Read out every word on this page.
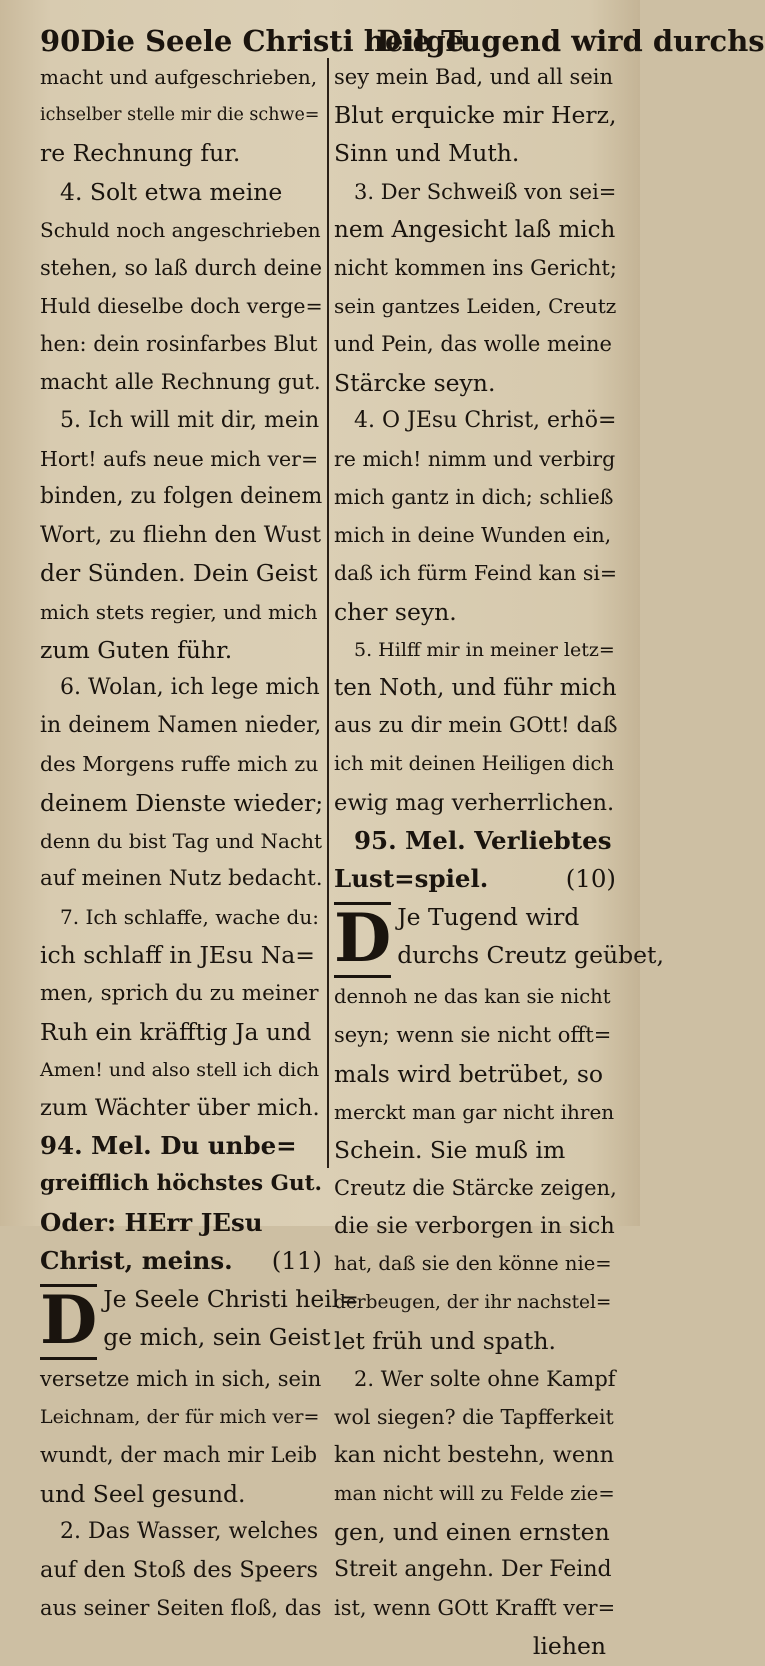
90 Die Seele Christi heilge
Die Tugend wird durchs
macht und aufgeschrieben,
ichselber stelle mir die schwe=
re Rechnung fur.
4. Solt etwa meine
Schuld noch angeschrieben
stehen, so laß durch deine
Huld dieselbe doch verge=
hen: dein rosinfarbes Blut
macht alle Rechnung gut.
5. Ich will mit dir, mein
Hort! aufs neue mich ver=
binden, zu folgen deinem
Wort, zu fliehn den Wust
der Sünden. Dein Geist
mich stets regier, und mich
zum Guten führ.
6. Wolan, ich lege mich
in deinem Namen nieder,
des Morgens ruffe mich zu
deinem Dienste wieder;
denn du bist Tag und Nacht
auf meinen Nutz bedacht.
7. Ich schlaffe, wache du:
ich schlaff in JEsu Na=
men, sprich du zu meiner
Ruh ein kräfftig Ja und
Amen! und also stell ich dich
zum Wächter über mich.
94. Mel. Du unbe=
greifflich höchstes Gut.
Oder: HErr JEsu
Christ, meins. (11)
D Je Seele Christi heil=
ge mich, sein Geist
versetze mich in sich, sein
Leichnam, der für mich ver=
wundt, der mach mir Leib
und Seel gesund.
2. Das Wasser, welches
auf den Stoß des Speers
aus seiner Seiten floß, das
sey mein Bad, und all sein
Blut erquicke mir Herz,
Sinn und Muth.
3. Der Schweiß von sei=
nem Angesicht laß mich
nicht kommen ins Gericht;
sein gantzes Leiden, Creutz
und Pein, das wolle meine
Stärcke seyn.
4. O JEsu Christ, erhö=
re mich! nimm und verbirg
mich gantz in dich; schließ
mich in deine Wunden ein,
daß ich fürm Feind kan si=
cher seyn.
5. Hilff mir in meiner letz=
ten Noth, und führ mich
aus zu dir mein GOtt! daß
ich mit deinen Heiligen dich
ewig mag verherrlichen.
95. Mel. Verliebtes
Lust=spiel.	(10)
D Je Tugend wird
durchs Creutz geübet,
dennoh ne das kan sie nicht
seyn; wenn sie nicht offt=
mals wird betrübet, so
merckt man gar nicht ihren
Schein. Sie muß im
Creutz die Stärcke zeigen,
die sie verborgen in sich
hat, daß sie den könne nie=
derbeugen, der ihr nachstel=
let früh und spath.
2. Wer solte ohne Kampf
wol siegen? die Tapfferkeit
kan nicht bestehn, wenn
man nicht will zu Felde zie=
gen, und einen ernsten
Streit angehn. Der Feind
ist, wenn GOtt Krafft ver=
liehen
